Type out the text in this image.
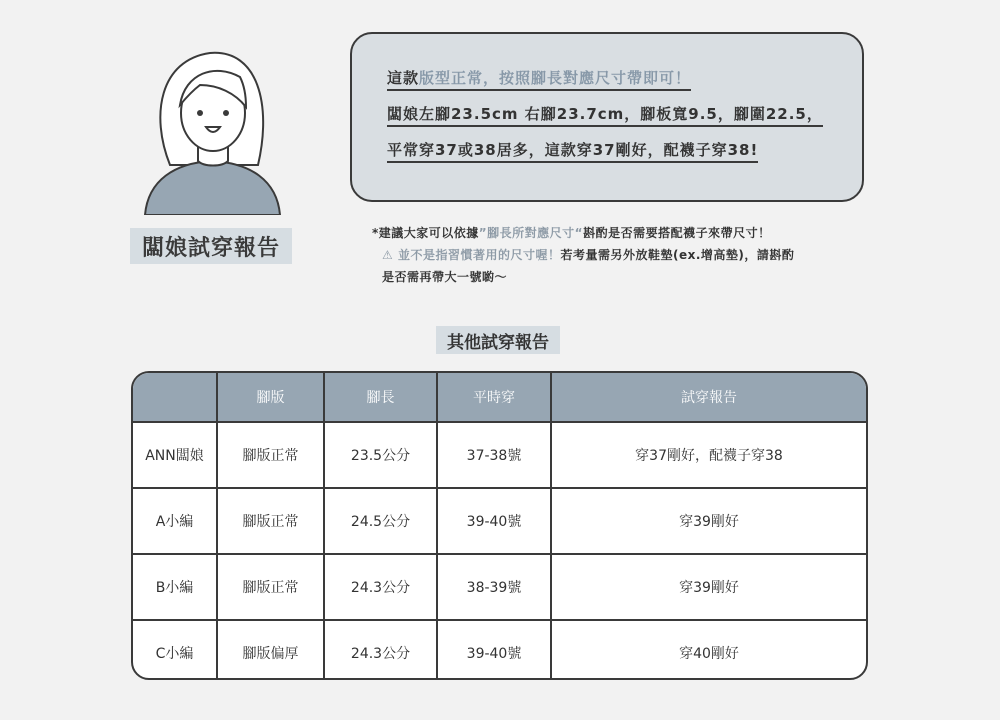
闆娘試穿報告
這款版型正常，按照腳長對應尺寸帶即可！
闆娘左腳23.5cm 右腳23.7cm，腳板寬9.5，腳圍22.5，
平常穿37或38居多，這款穿37剛好，配襪子穿38!
*建議大家可以依據”腳長所對應尺寸“斟酌是否需要搭配襪子來帶尺寸！
⚠ 並不是指習慣著用的尺寸喔！若考量需另外放鞋墊(ex.增高墊)，請斟酌
是否需再帶大一號喲～
其他試穿報告
	腳版	腳長	平時穿	試穿報告
ANN闆娘	腳版正常	23.5公分	37-38號	穿37剛好，配襪子穿38
A小編	腳版正常	24.5公分	39-40號	穿39剛好
B小編	腳版正常	24.3公分	38-39號	穿39剛好
C小編	腳版偏厚	24.3公分	39-40號	穿40剛好
